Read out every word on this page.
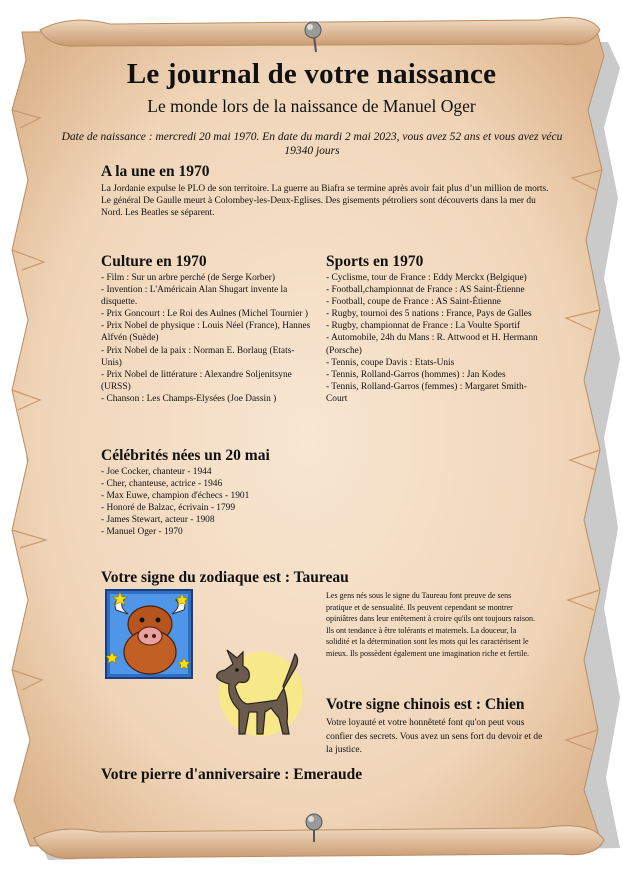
Le journal de votre naissance
Le monde lors de la naissance de Manuel Oger
Date de naissance : mercredi 20 mai 1970. En date du mardi 2 mai 2023, vous avez 52 ans et vous avez vécu 19340 jours
A la une en 1970
La Jordanie expulse le PLO de son territoire. La guerre au Biafra se termine après avoir fait plus d’un million de morts. Le général De Gaulle meurt à Colombey-les-Deux-Eglises. Des gisements pétroliers sont découverts dans la mer du Nord. Les Beatles se séparent.
Culture en 1970
- Film : Sur un arbre perché (de Serge Korber)
- Invention : L'Américain Alan Shugart invente la disquette.
- Prix Goncourt : Le Roi des Aulnes (Michel Tournier )
- Prix Nobel de physique : Louis Néel (France), Hannes Alfvén (Suède)
- Prix Nobel de la paix : Norman E. Borlaug (Etats-Unis)
- Prix Nobel de littérature : Alexandre Soljenitsyne (URSS)
- Chanson : Les Champs-Elysées (Joe Dassin )
Sports en 1970
- Cyclisme, tour de France : Eddy Merckx (Belgique)
- Football,championnat de France : AS Saint-Étienne
- Football, coupe de France : AS Saint-Étienne
- Rugby, tournoi des 5 nations : France, Pays de Galles
- Rugby, championnat de France : La Voulte Sportif
- Automobile, 24h du Mans : R. Attwood et H. Hermann (Porsche)
- Tennis, coupe Davis : Etats-Unis
- Tennis, Rolland-Garros (hommes) : Jan Kodes
- Tennis, Rolland-Garros (femmes) : Margaret Smith-Court
Célébrités nées un 20 mai
- Joe Cocker, chanteur - 1944
- Cher, chanteuse, actrice - 1946
- Max Euwe, champion d'échecs - 1901
- Honoré de Balzac, écrivain - 1799
- James Stewart, acteur - 1908
- Manuel Oger - 1970
Votre signe du zodiaque est : Taureau
Les gens nés sous le signe du Taureau font preuve de sens pratique et de sensualité. Ils peuvent cependant se montrer opiniâtres dans leur entêtement à croire qu'ils ont toujours raison. Ils ont tendance à être tolérants et maternels. La douceur, la solidité et la détermination sont les mots qui les caractérisent le mieux. Ils possèdent également une imagination riche et fertile.
Votre signe chinois est : Chien
Votre loyauté et votre honnêteté font qu'on peut vous confier des secrets. Vous avez un sens fort du devoir et de la justice.
Votre pierre d'anniversaire : Emeraude
